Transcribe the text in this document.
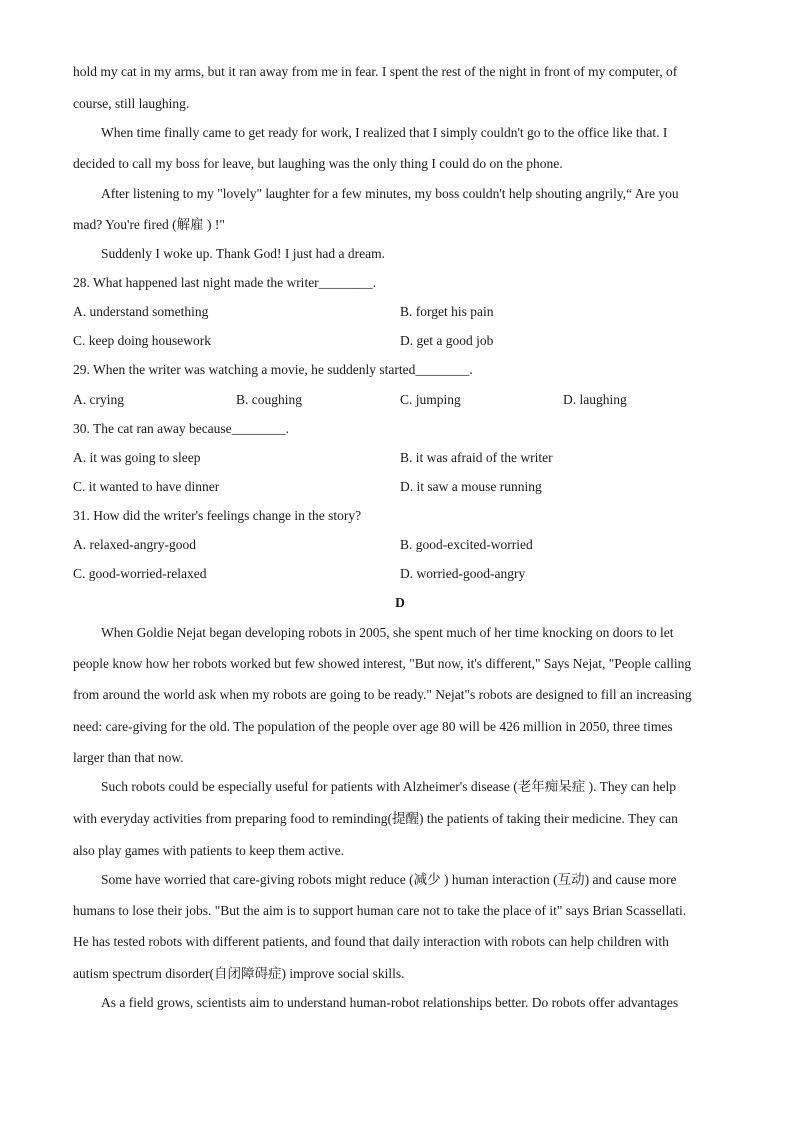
hold my cat in my arms, but it ran away from me in fear. I spent the rest of the night in front of my computer, of
course, still laughing.
When time finally came to get ready for work, I realized that I simply couldn't go to the office like that. I
decided to call my boss for leave, but laughing was the only thing I could do on the phone.
After listening to my "lovely" laughter for a few minutes, my boss couldn't help shouting angrily,“ Are you
mad? You're fired (解雇 ) !"
Suddenly I woke up. Thank God! I just had a dream.
28. What happened last night made the writer________.
A. understand something	B. forget his pain
C. keep doing housework	D. get a good job
29. When the writer was watching a movie, he suddenly started________.
A. crying	B. coughing	C. jumping	D. laughing
30. The cat ran away because________.
A. it was going to sleep	B. it was afraid of the writer
C. it wanted to have dinner	D. it saw a mouse running
31. How did the writer's feelings change in the story?
A. relaxed-angry-good	B. good-excited-worried
C. good-worried-relaxed	D. worried-good-angry
D
When Goldie Nejat began developing robots in 2005, she spent much of her time knocking on doors to let
people know how her robots worked but few showed interest, "But now, it's different," Says Nejat, "People calling
from around the world ask when my robots are going to be ready." Nejat"s robots are designed to fill an increasing
need: care-giving for the old. The population of the people over age 80 will be 426 million in 2050, three times
larger than that now.
Such robots could be especially useful for patients with Alzheimer's disease (老年痴呆症 ). They can help
with everyday activities from preparing food to reminding(提醒) the patients of taking their medicine. They can
also play games with patients to keep them active.
Some have worried that care-giving robots might reduce (减少 ) human interaction (互动) and cause more
humans to lose their jobs. "But the aim is to support human care not to take the place of it" says Brian Scassellati.
He has tested robots with different patients, and found that daily interaction with robots can help children with
autism spectrum disorder(自闭障碍症) improve social skills.
As a field grows, scientists aim to understand human-robot relationships better. Do robots offer advantages
